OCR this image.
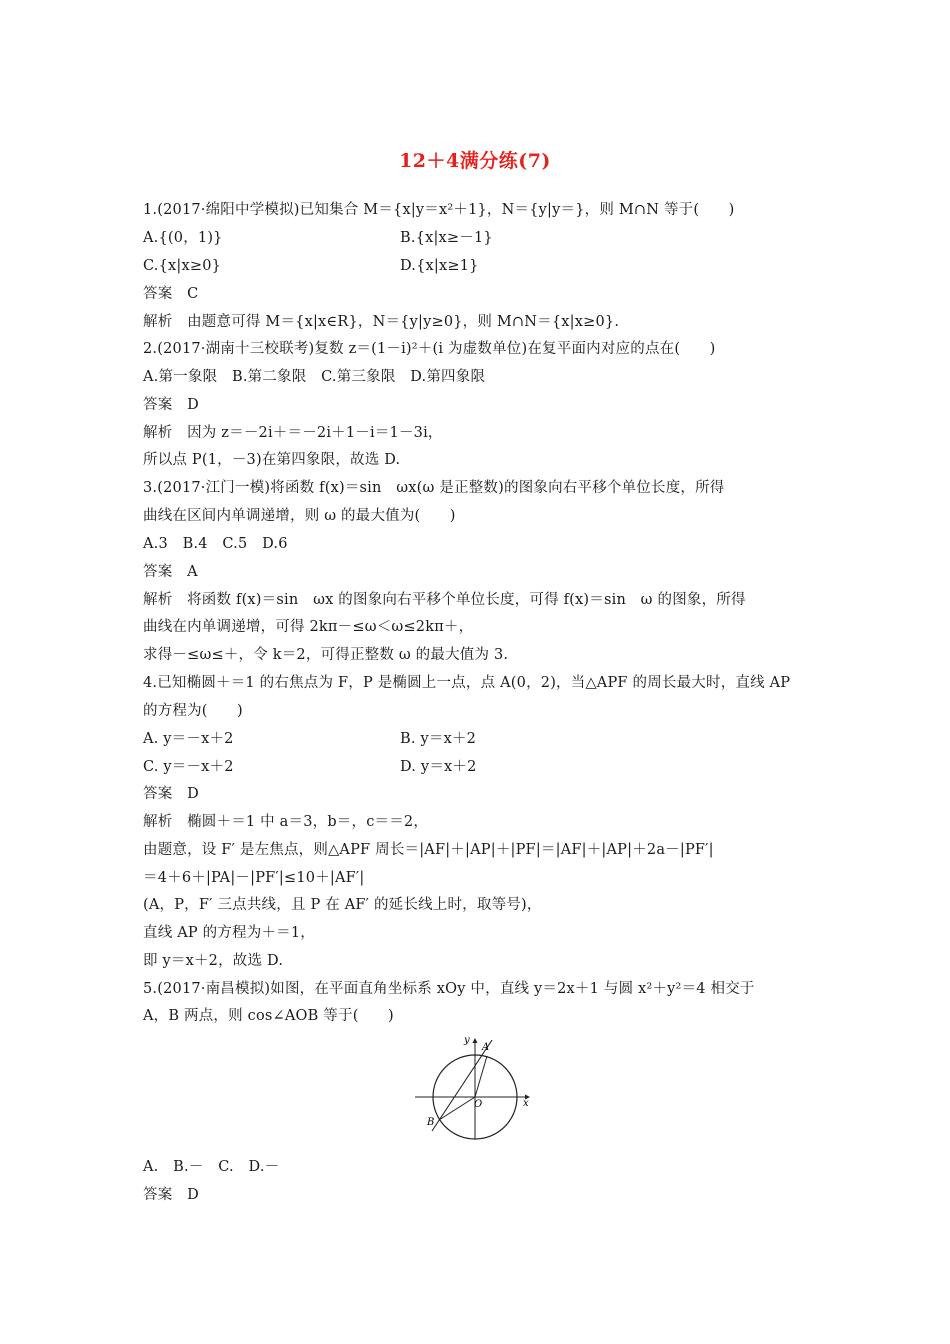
12＋4满分练(7)
1.(2017·绵阳中学模拟)已知集合 M＝{x|y＝x²＋1}，N＝{y|y＝}，则 M∩N 等于(　　)
A.{(0，1)}	B.{x|x≥－1}
C.{x|x≥0}	D.{x|x≥1}
答案　C
解析　由题意可得 M＝{x|x∈R}，N＝{y|y≥0}，则 M∩N＝{x|x≥0}.
2.(2017·湖南十三校联考)复数 z＝(1－i)²＋(i 为虚数单位)在复平面内对应的点在(　　)
A.第一象限　B.第二象限　C.第三象限　D.第四象限
答案　D
解析　因为 z＝－2i＋＝－2i＋1－i＝1－3i，
所以点 P(1，－3)在第四象限，故选 D.
3.(2017·江门一模)将函数 f(x)＝sin　ωx(ω 是正整数)的图象向右平移个单位长度，所得
曲线在区间内单调递增，则 ω 的最大值为(　　)
A.3　B.4　C.5　D.6
答案　A
解析　将函数 f(x)＝sin　ωx 的图象向右平移个单位长度，可得 f(x)＝sin　ω 的图象，所得
曲线在内单调递增，可得 2kπ－≤ω＜ω≤2kπ＋，
求得－≤ω≤＋，令 k＝2，可得正整数 ω 的最大值为 3.
4.已知椭圆＋＝1 的右焦点为 F，P 是椭圆上一点，点 A(0，2)，当△APF 的周长最大时，直线 AP
的方程为(　　)
A. y＝－x＋2	B. y＝x＋2
C. y＝－x＋2	D. y＝x＋2
答案　D
解析　椭圆＋＝1 中 a＝3，b＝，c＝＝2，
由题意，设 F′ 是左焦点，则△APF 周长＝|AF|＋|AP|＋|PF|＝|AF|＋|AP|＋2a－|PF′|
＝4＋6＋|PA|－|PF′|≤10＋|AF′|
(A，P，F′ 三点共线，且 P 在 AF′ 的延长线上时，取等号)，
直线 AP 的方程为＋＝1，
即 y＝x＋2，故选 D.
5.(2017·南昌模拟)如图，在平面直角坐标系 xOy 中，直线 y＝2x＋1 与圆 x²＋y²＝4 相交于
A，B 两点，则 cos∠AOB 等于(　　)
y
x
O
A
B
A.　B.－　C.　D.－
答案　D
